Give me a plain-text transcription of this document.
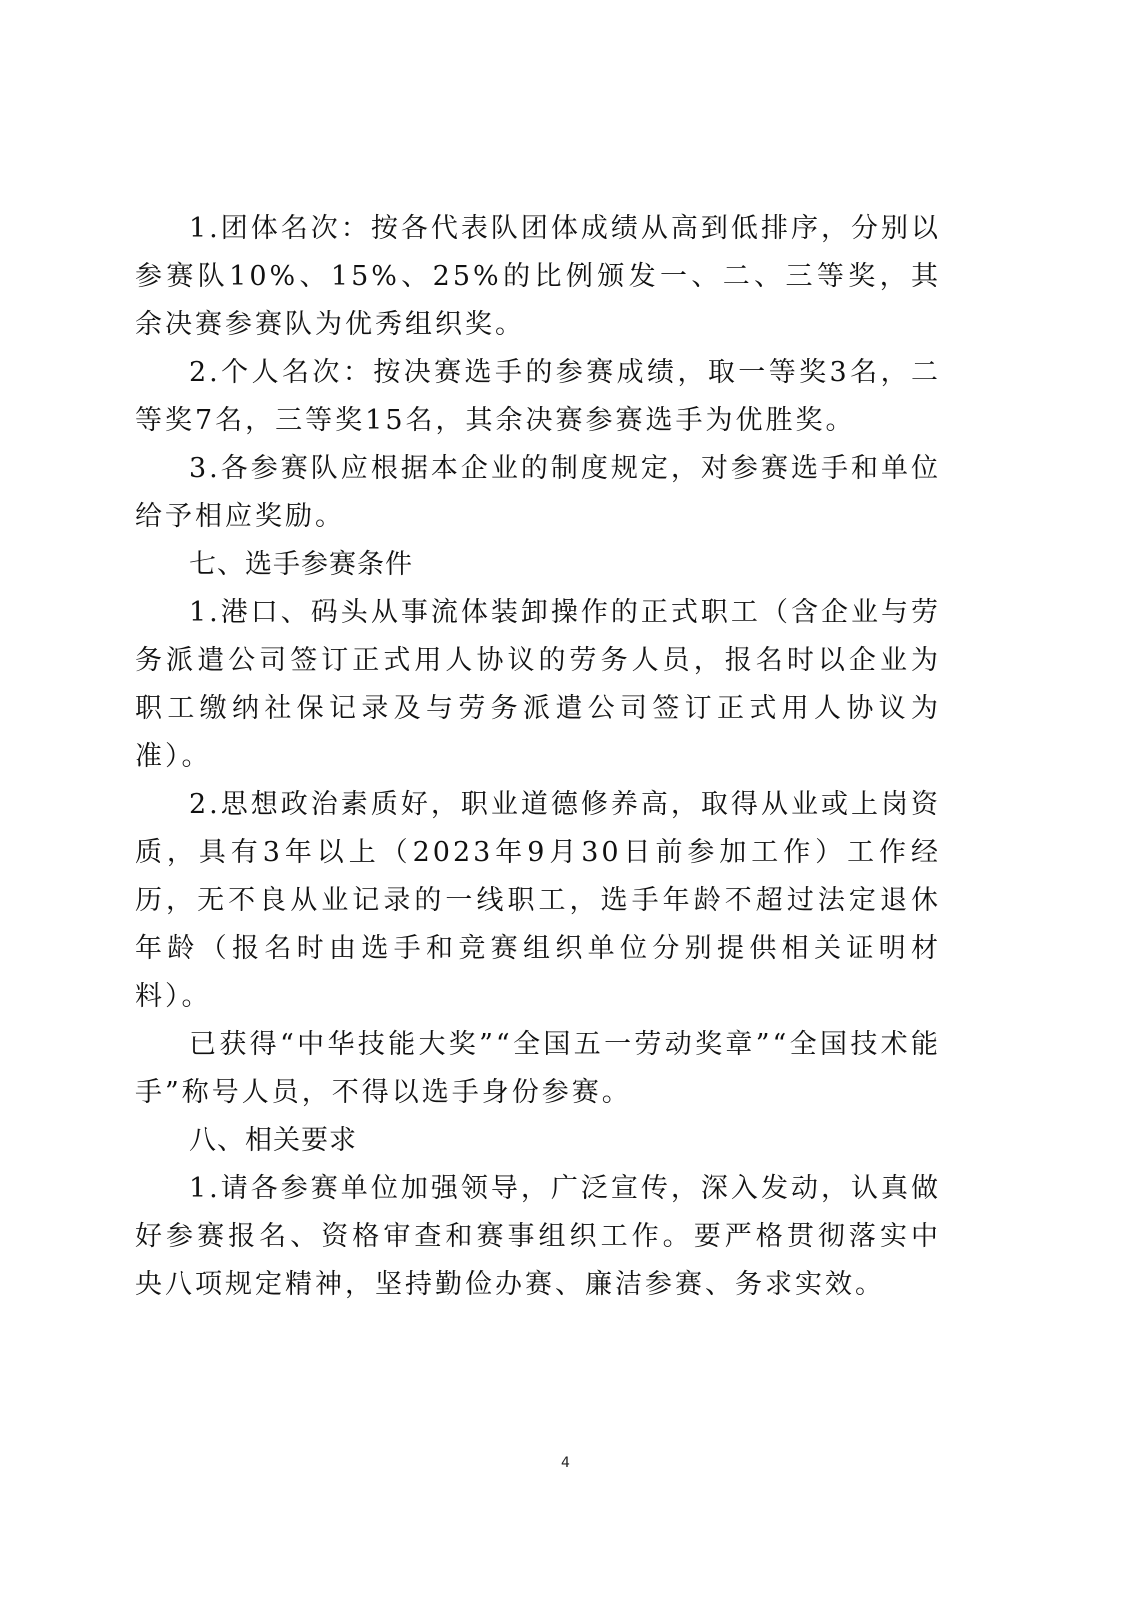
1.团体名次：按各代表队团体成绩从高到低排序，分别以参赛队10%、15%、25%的比例颁发一、二、三等奖，其余决赛参赛队为优秀组织奖。

2.个人名次：按决赛选手的参赛成绩，取一等奖3名，二等奖7名，三等奖15名，其余决赛参赛选手为优胜奖。

3.各参赛队应根据本企业的制度规定，对参赛选手和单位给予相应奖励。

七、选手参赛条件

1.港口、码头从事流体装卸操作的正式职工（含企业与劳务派遣公司签订正式用人协议的劳务人员，报名时以企业为职工缴纳社保记录及与劳务派遣公司签订正式用人协议为准）。

2.思想政治素质好，职业道德修养高，取得从业或上岗资质，具有3年以上（2023年9月30日前参加工作）工作经历，无不良从业记录的一线职工，选手年龄不超过法定退休年龄（报名时由选手和竞赛组织单位分别提供相关证明材料）。

已获得“中华技能大奖”“全国五一劳动奖章”“全国技术能手”称号人员，不得以选手身份参赛。

八、相关要求

1.请各参赛单位加强领导，广泛宣传，深入发动，认真做好参赛报名、资格审查和赛事组织工作。要严格贯彻落实中央八项规定精神，坚持勤俭办赛、廉洁参赛、务求实效。

4
